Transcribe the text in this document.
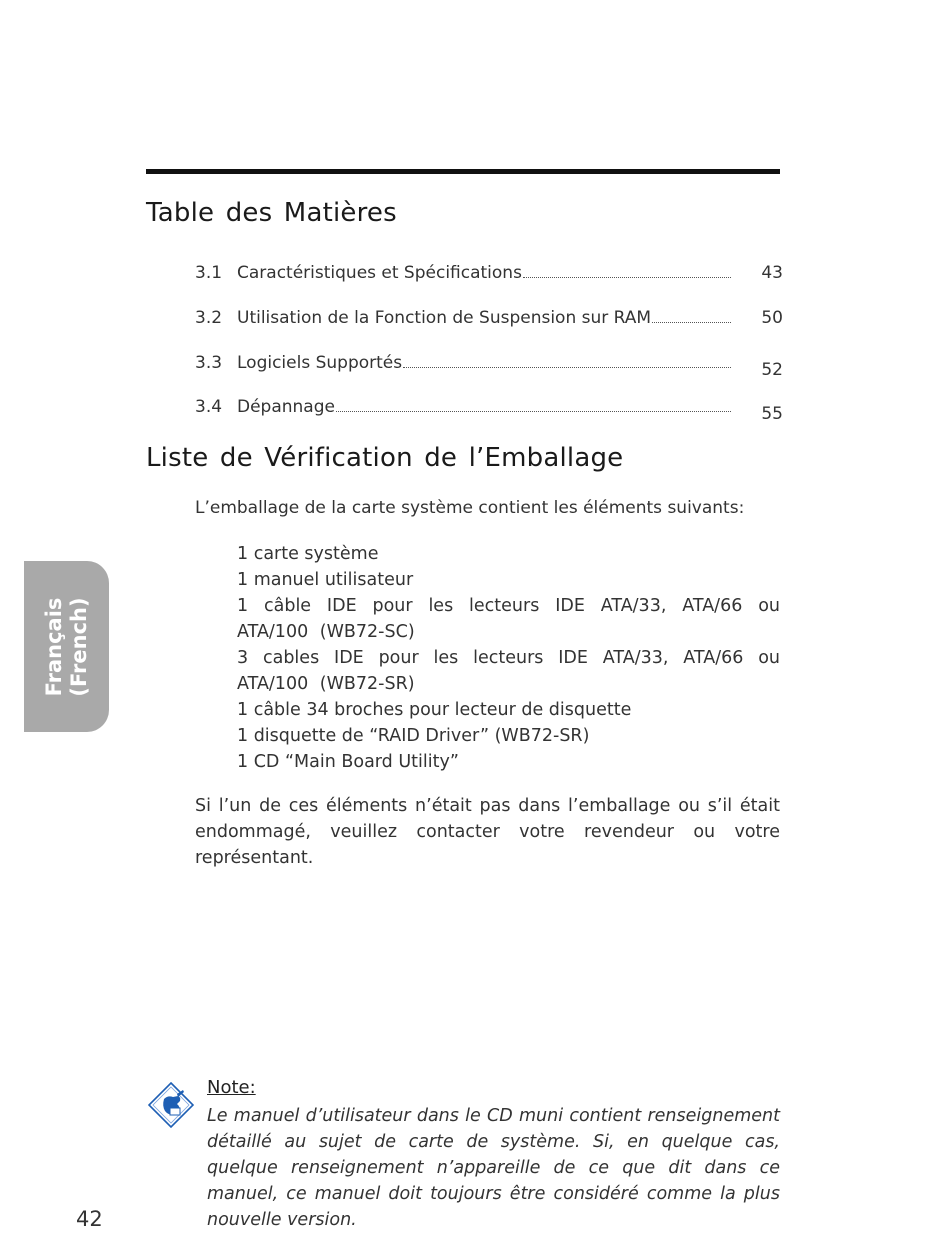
Table des Matières
3.1 Caractéristiques et Spécifications	43
3.2 Utilisation de la Fonction de Suspension sur RAM	50
3.3 Logiciels Supportés	52
3.4 Dépannage	55
Liste de Vérification de l’Emballage
L’emballage de la carte système contient les éléments suivants:
1 carte système
1 manuel utilisateur
1 câble IDE pour les lecteurs IDE ATA/33, ATA/66 ou ATA/100 (WB72-SC)
3 cables IDE pour les lecteurs IDE ATA/33, ATA/66 ou ATA/100 (WB72-SR)
1 câble 34 broches pour lecteur de disquette
1 disquette de “RAID Driver” (WB72-SR)
1 CD “Main Board Utility”
Si l’un de ces éléments n’était pas dans l’emballage ou s’il était endommagé, veuillez contacter votre revendeur ou votre représentant.
Français (French)
Note:
Le manuel d’utilisateur dans le CD muni contient renseignement détaillé au sujet de carte de système. Si, en quelque cas, quelque renseignement n’appareille de ce que dit dans ce manuel, ce manuel doit toujours être considéré comme la plus nouvelle version.
42
